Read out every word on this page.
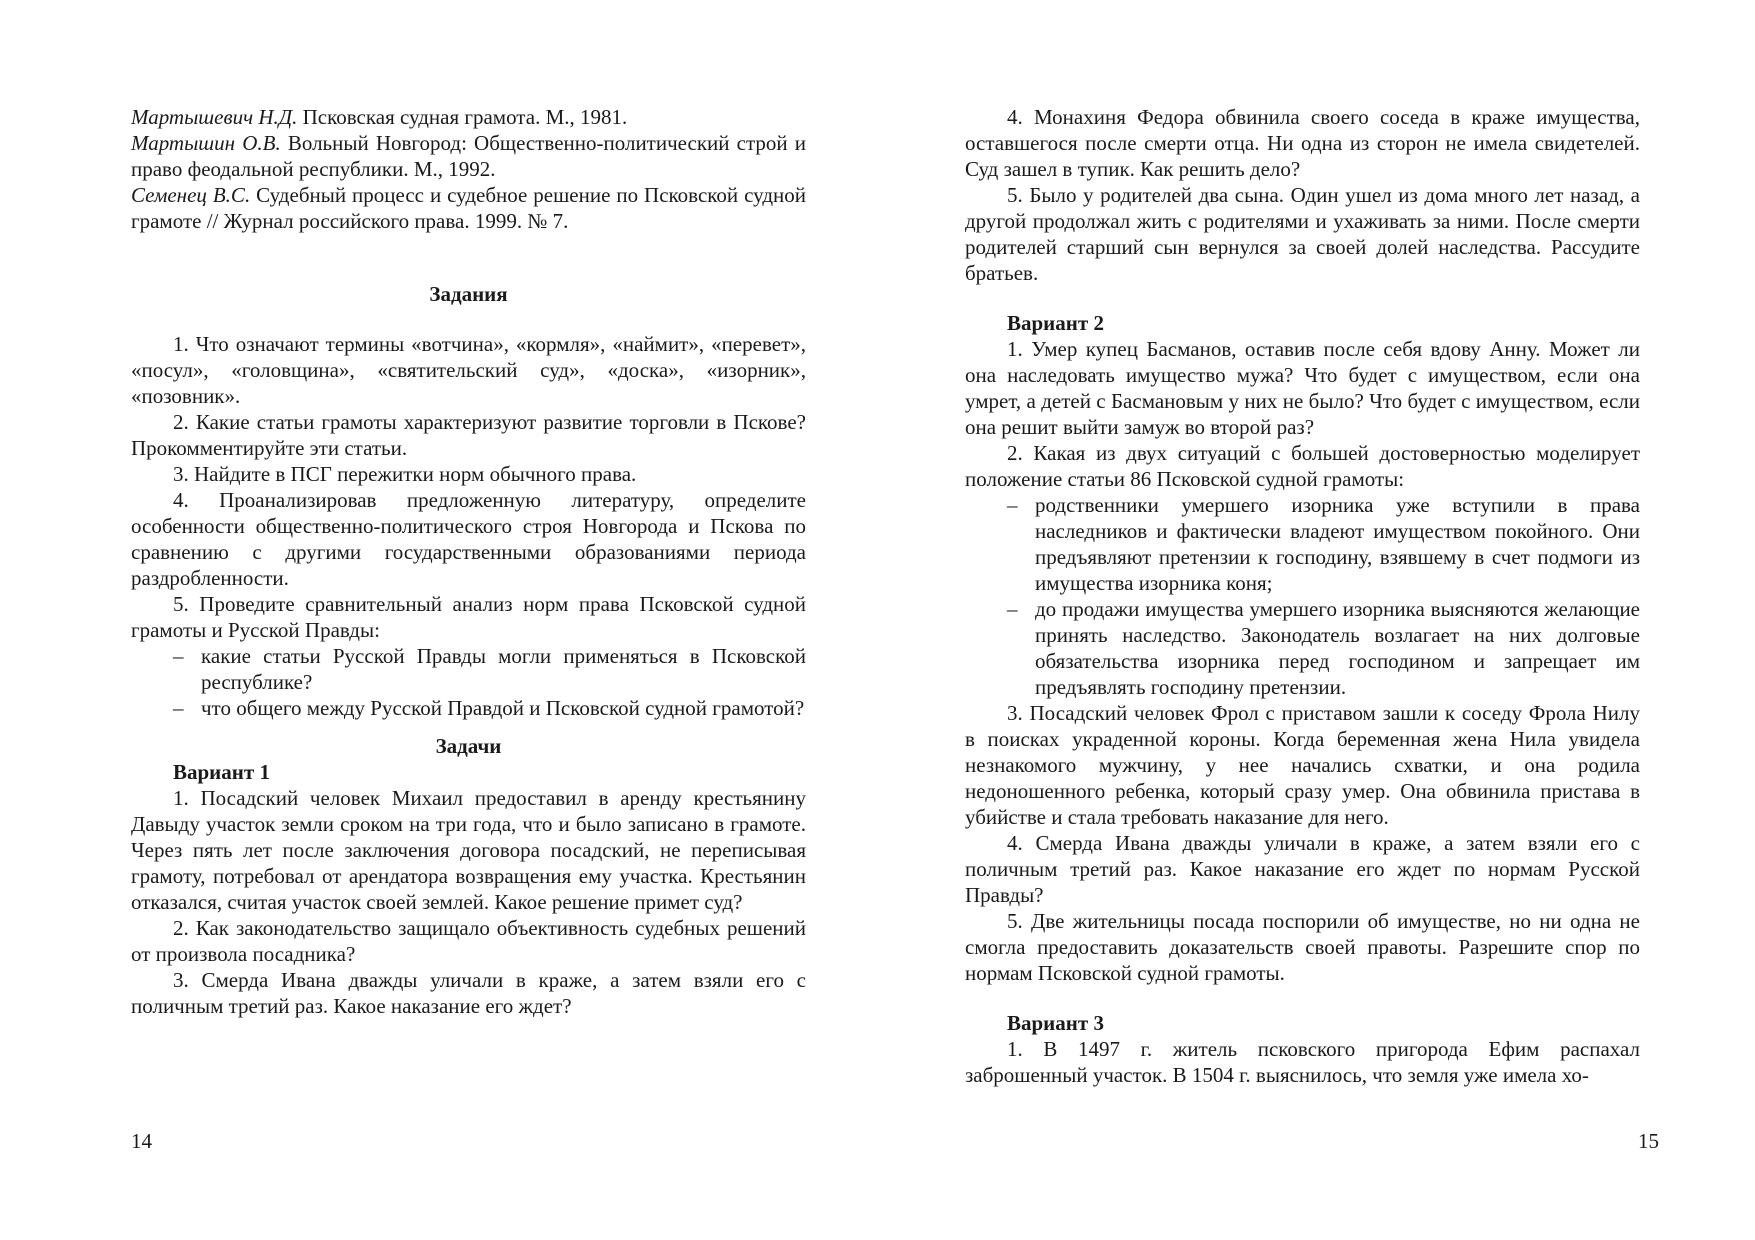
Мартышевич Н.Д. Псковская судная грамота. М., 1981.

Мартышин О.В. Вольный Новгород: Общественно-политический строй и право феодальной республики. М., 1992.

Семенец В.С. Судебный процесс и судебное решение по Псковской судной грамоте // Журнал российского права. 1999. № 7.

Задания

1. Что означают термины «вотчина», «кормля», «наймит», «перевет», «посул», «головщина», «святительский суд», «доска», «изорник», «позовник».

2. Какие статьи грамоты характеризуют развитие торговли в Пскове? Прокомментируйте эти статьи.

3. Найдите в ПСГ пережитки норм обычного права.

4. Проанализировав предложенную литературу, определите особенности общественно-политического строя Новгорода и Пскова по сравнению с другими государственными образованиями периода раздробленности.

5. Проведите сравнительный анализ норм права Псковской судной грамоты и Русской Правды:

– какие статьи Русской Правды могли применяться в Псковской республике?

– что общего между Русской Правдой и Псковской судной грамотой?

Задачи

Вариант 1

1. Посадский человек Михаил предоставил в аренду крестьянину Давыду участок земли сроком на три года, что и было записано в грамоте. Через пять лет после заключения договора посадский, не переписывая грамоту, потребовал от арендатора возвращения ему участка. Крестьянин отказался, считая участок своей землей. Какое решение примет суд?

2. Как законодательство защищало объективность судебных решений от произвола посадника?

3. Смерда Ивана дважды уличали в краже, а затем взяли его с поличным третий раз. Какое наказание его ждет?

14

4. Монахиня Федора обвинила своего соседа в краже имущества, оставшегося после смерти отца. Ни одна из сторон не имела свидетелей. Суд зашел в тупик. Как решить дело?

5. Было у родителей два сына. Один ушел из дома много лет назад, а другой продолжал жить с родителями и ухаживать за ними. После смерти родителей старший сын вернулся за своей долей наследства. Рассудите братьев.

Вариант 2

1. Умер купец Басманов, оставив после себя вдову Анну. Может ли она наследовать имущество мужа? Что будет с имуществом, если она умрет, а детей с Басмановым у них не было? Что будет с имуществом, если она решит выйти замуж во второй раз?

2. Какая из двух ситуаций с большей достоверностью моделирует положение статьи 86 Псковской судной грамоты:

– родственники умершего изорника уже вступили в права наследников и фактически владеют имуществом покойного. Они предъявляют претензии к господину, взявшему в счет подмоги из имущества изорника коня;

– до продажи имущества умершего изорника выясняются желающие принять наследство. Законодатель возлагает на них долговые обязательства изорника перед господином и запрещает им предъявлять господину претензии.

3. Посадский человек Фрол с приставом зашли к соседу Фрола Нилу в поисках украденной короны. Когда беременная жена Нила увидела незнакомого мужчину, у нее начались схватки, и она родила недоношенного ребенка, который сразу умер. Она обвинила пристава в убийстве и стала требовать наказание для него.

4. Смерда Ивана дважды уличали в краже, а затем взяли его с поличным третий раз. Какое наказание его ждет по нормам Русской Правды?

5. Две жительницы посада поспорили об имуществе, но ни одна не смогла предоставить доказательств своей правоты. Разрешите спор по нормам Псковской судной грамоты.

Вариант 3

1. В 1497 г. житель псковского пригорода Ефим распахал заброшенный участок. В 1504 г. выяснилось, что земля уже имела хо-

15
